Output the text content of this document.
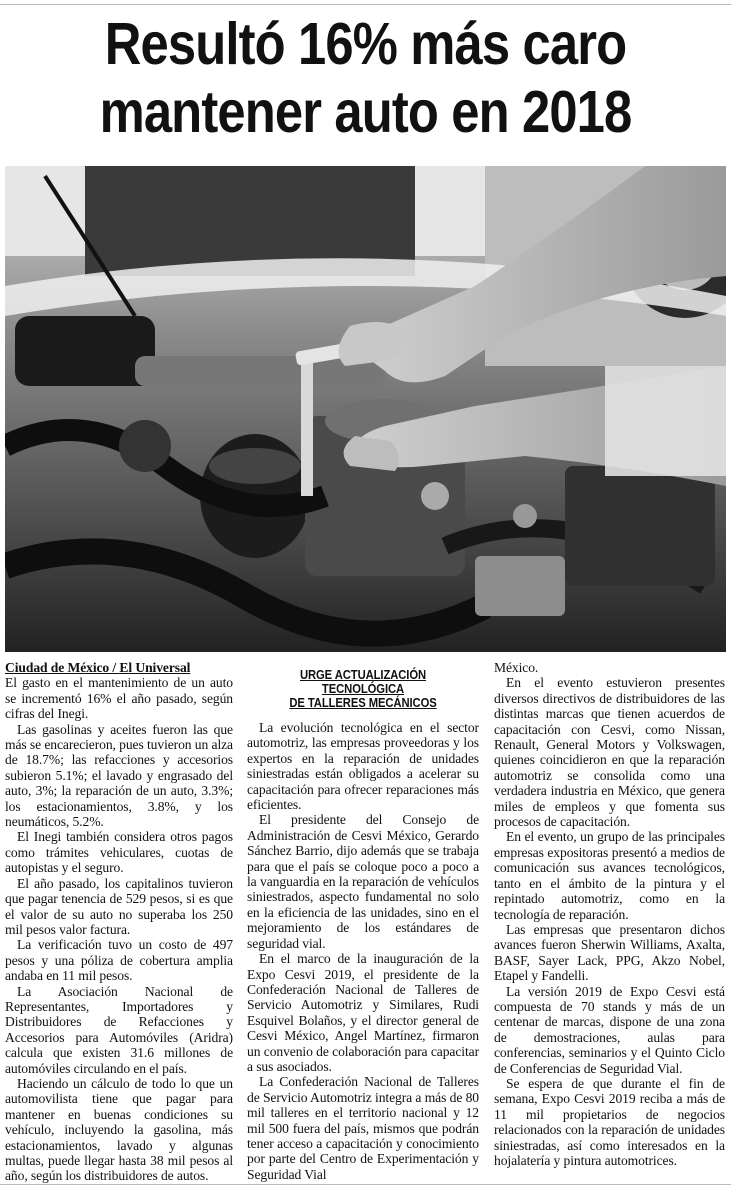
Resultó 16% más caro
mantener auto en 2018

Ciudad de México / El Universal

El gasto en el mantenimiento de un auto se incrementó 16% el año pasado, según cifras del Inegi.

Las gasolinas y aceites fueron las que más se encarecieron, pues tuvieron un alza de 18.7%; las refacciones y accesorios subieron 5.1%; el lavado y engrasado del auto, 3%; la reparación de un auto, 3.3%; los estacionamientos, 3.8%, y los neumáticos, 5.2%.

El Inegi también considera otros pagos como trámites vehiculares, cuotas de autopistas y el seguro.

El año pasado, los capitalinos tuvieron que pagar tenencia de 529 pesos, si es que el valor de su auto no superaba los 250 mil pesos valor factura.

La verificación tuvo un costo de 497 pesos y una póliza de cobertura amplia andaba en 11 mil pesos.

La Asociación Nacional de Representantes, Importadores y Distribuidores de Refacciones y Accesorios para Automóviles (Aridra) calcula que existen 31.6 millones de automóviles circulando en el país.

Haciendo un cálculo de todo lo que un automovilista tiene que pagar para mantener en buenas condiciones su vehículo, incluyendo la gasolina, más estacionamientos, lavado y algunas multas, puede llegar hasta 38 mil pesos al año, según los distribuidores de autos.

URGE ACTUALIZACIÓN TECNOLÓGICA
DE TALLERES MECÁNICOS

La evolución tecnológica en el sector automotriz, las empresas proveedoras y los expertos en la reparación de unidades siniestradas están obligados a acelerar su capacitación para ofrecer reparaciones más eficientes.

El presidente del Consejo de Administración de Cesvi México, Gerardo Sánchez Barrio, dijo además que se trabaja para que el país se coloque poco a poco a la vanguardia en la reparación de vehículos siniestrados, aspecto fundamental no solo en la eficiencia de las unidades, sino en el mejoramiento de los estándares de seguridad vial.

En el marco de la inauguración de la Expo Cesvi 2019, el presidente de la Confederación Nacional de Talleres de Servicio Automotriz y Similares, Rudi Esquivel Bolaños, y el director general de Cesvi México, Angel Martínez, firmaron un convenio de colaboración para capacitar a sus asociados.

La Confederación Nacional de Talleres de Servicio Automotriz integra a más de 80 mil talleres en el territorio nacional y 12 mil 500 fuera del país, mismos que podrán tener acceso a capacitación y conocimiento por parte del Centro de Experimentación y Seguridad Vial

México.

En el evento estuvieron presentes diversos directivos de distribuidores de las distintas marcas que tienen acuerdos de capacitación con Cesvi, como Nissan, Renault, General Motors y Volkswagen, quienes coincidieron en que la reparación automotriz se consolida como una verdadera industria en México, que genera miles de empleos y que fomenta sus procesos de capacitación.

En el evento, un grupo de las principales empresas expositoras presentó a medios de comunicación sus avances tecnológicos, tanto en el ámbito de la pintura y el repintado automotriz, como en la tecnología de reparación.

Las empresas que presentaron dichos avances fueron Sherwin Williams, Axalta, BASF, Sayer Lack, PPG, Akzo Nobel, Etapel y Fandelli.

La versión 2019 de Expo Cesvi está compuesta de 70 stands y más de un centenar de marcas, dispone de una zona de demostraciones, aulas para conferencias, seminarios y el Quinto Ciclo de Conferencias de Seguridad Vial.

Se espera de que durante el fin de semana, Expo Cesvi 2019 reciba a más de 11 mil propietarios de negocios relacionados con la reparación de unidades siniestradas, así como interesados en la hojalatería y pintura automotrices.
